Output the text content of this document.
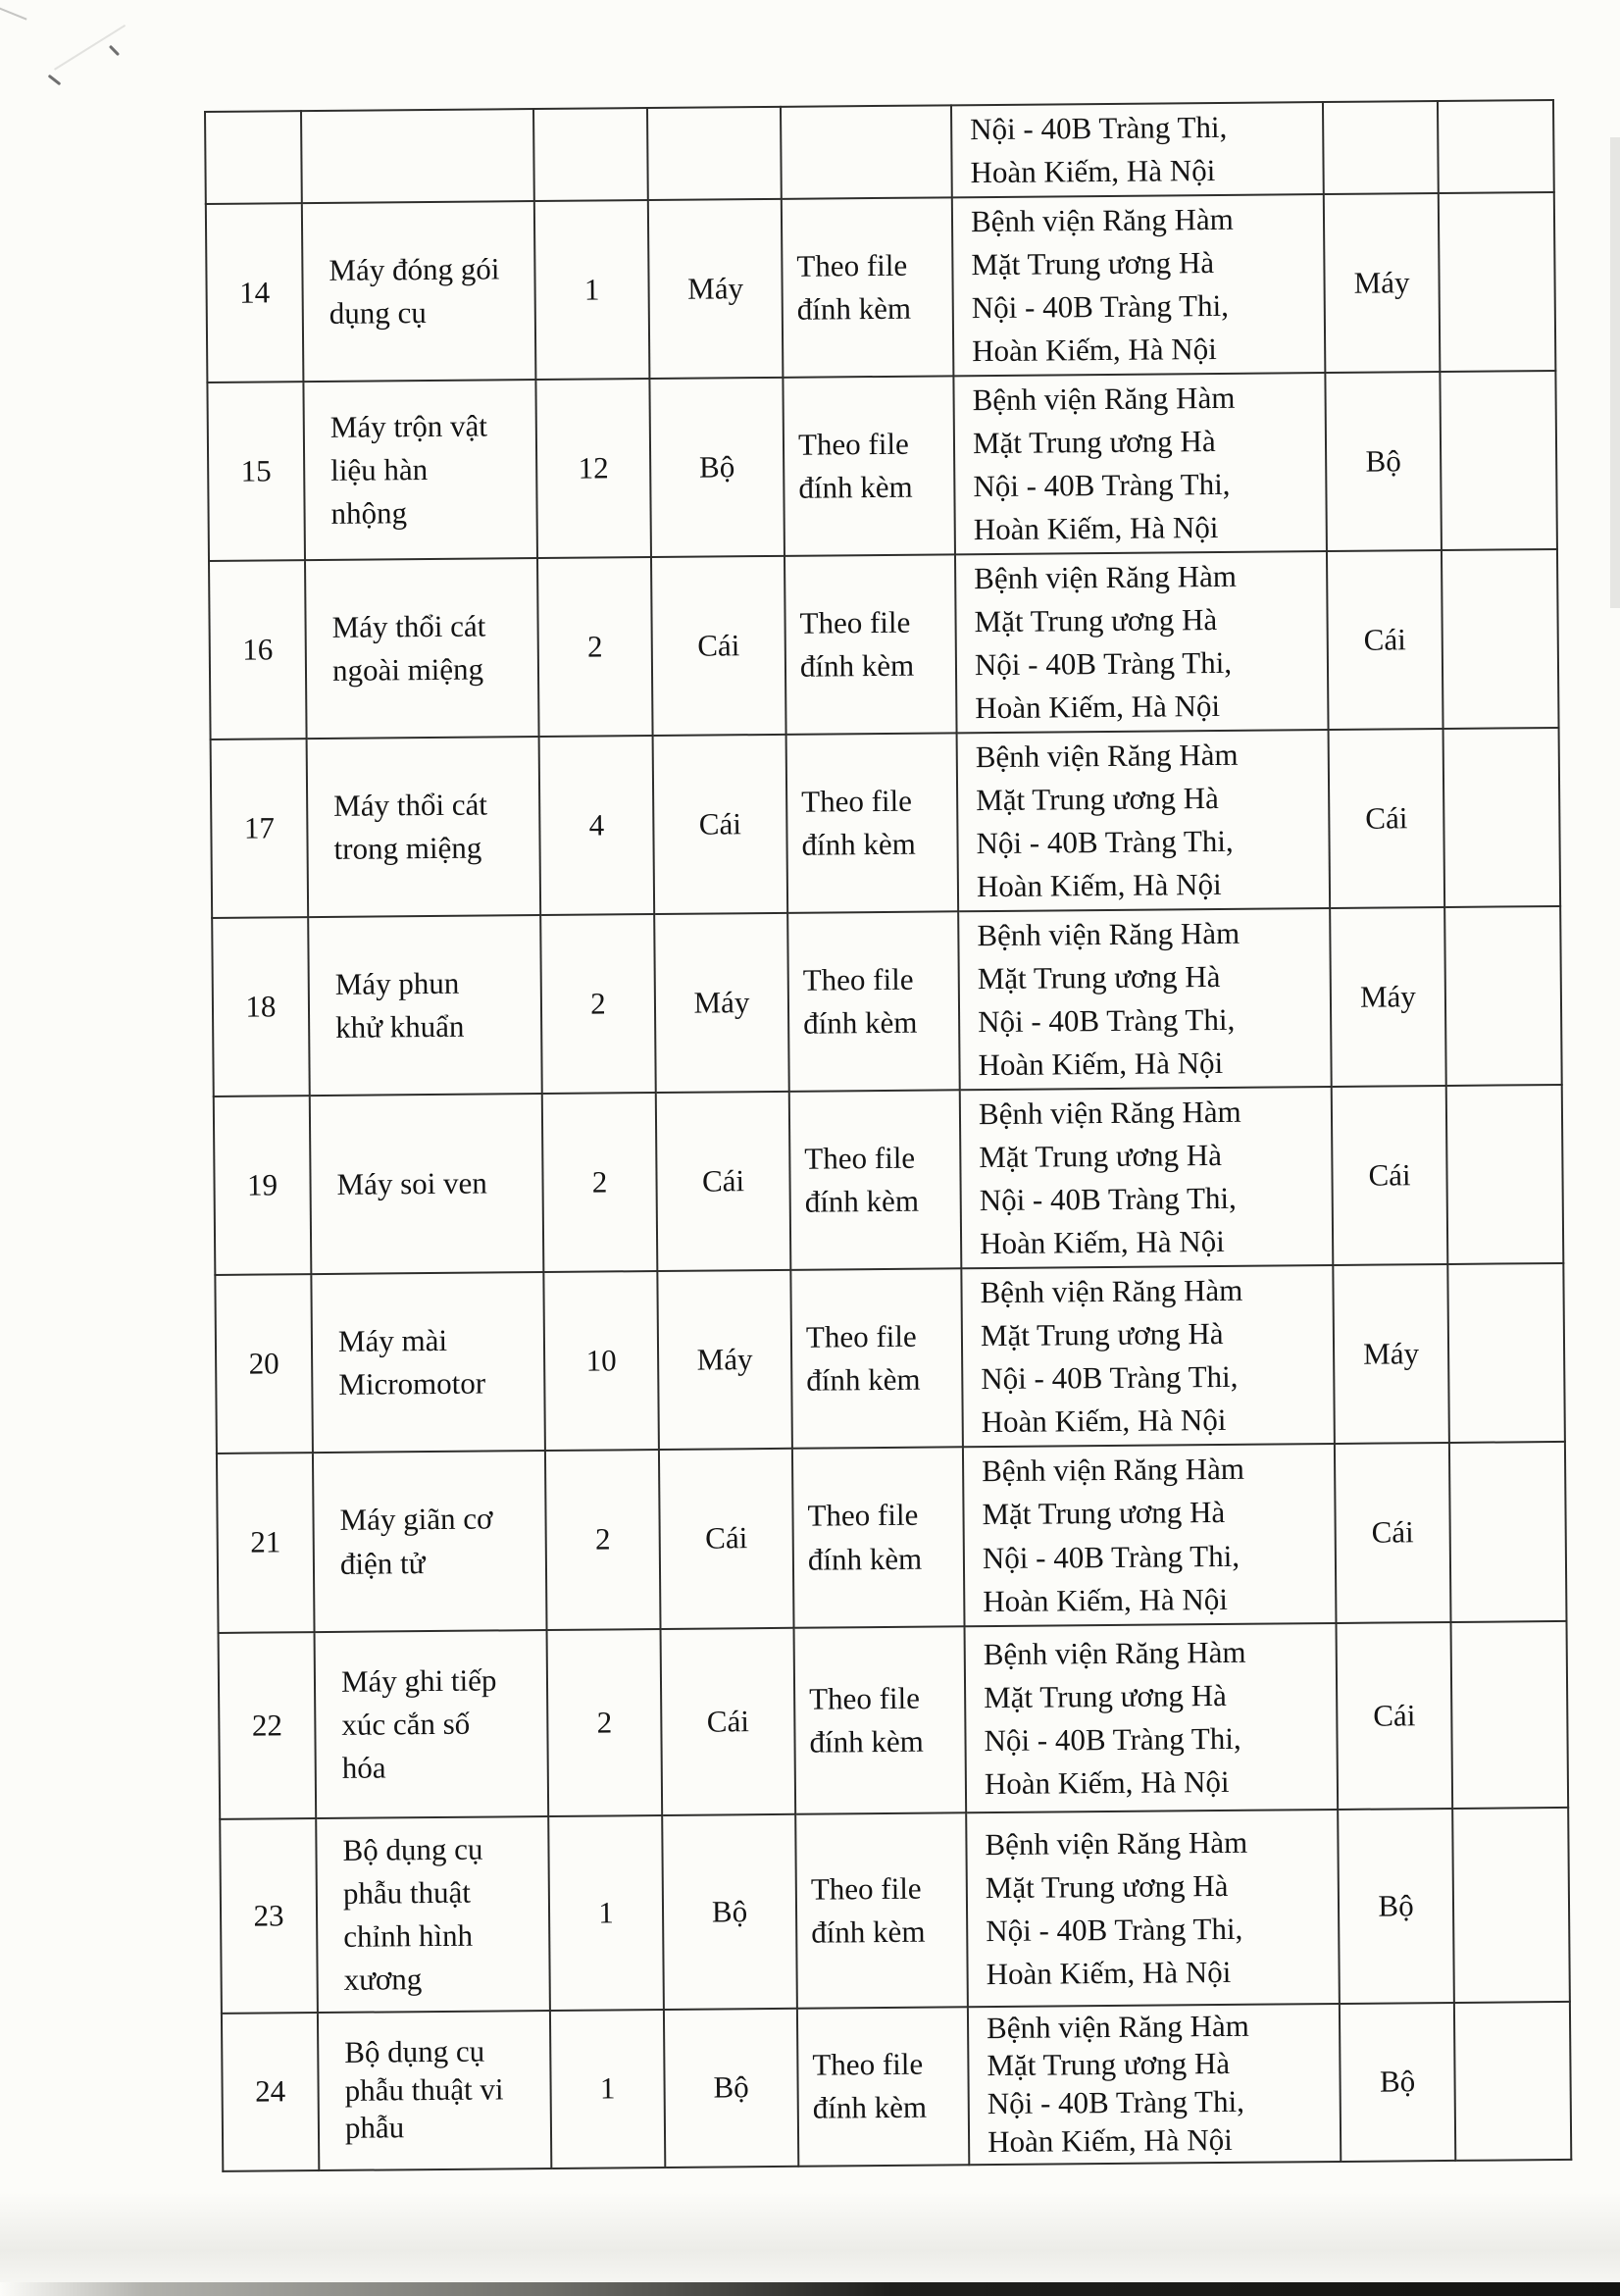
					Nội - 40B Tràng Thi,
Hoàn Kiếm, Hà Nội		
14	Máy đóng gói
dụng cụ	1	Máy	Theo file
đính kèm	Bệnh viện Răng Hàm
Mặt Trung ương Hà
Nội - 40B Tràng Thi,
Hoàn Kiếm, Hà Nội	Máy	
15	Máy trộn vật
liệu hàn
nhộng	12	Bộ	Theo file
đính kèm	Bệnh viện Răng Hàm
Mặt Trung ương Hà
Nội - 40B Tràng Thi,
Hoàn Kiếm, Hà Nội	Bộ	
16	Máy thổi cát
ngoài miệng	2	Cái	Theo file
đính kèm	Bệnh viện Răng Hàm
Mặt Trung ương Hà
Nội - 40B Tràng Thi,
Hoàn Kiếm, Hà Nội	Cái	
17	Máy thổi cát
trong miệng	4	Cái	Theo file
đính kèm	Bệnh viện Răng Hàm
Mặt Trung ương Hà
Nội - 40B Tràng Thi,
Hoàn Kiếm, Hà Nội	Cái	
18	Máy phun
khử khuẩn	2	Máy	Theo file
đính kèm	Bệnh viện Răng Hàm
Mặt Trung ương Hà
Nội - 40B Tràng Thi,
Hoàn Kiếm, Hà Nội	Máy	
19	Máy soi ven	2	Cái	Theo file
đính kèm	Bệnh viện Răng Hàm
Mặt Trung ương Hà
Nội - 40B Tràng Thi,
Hoàn Kiếm, Hà Nội	Cái	
20	Máy mài
Micromotor	10	Máy	Theo file
đính kèm	Bệnh viện Răng Hàm
Mặt Trung ương Hà
Nội - 40B Tràng Thi,
Hoàn Kiếm, Hà Nội	Máy	
21	Máy giãn cơ
điện tử	2	Cái	Theo file
đính kèm	Bệnh viện Răng Hàm
Mặt Trung ương Hà
Nội - 40B Tràng Thi,
Hoàn Kiếm, Hà Nội	Cái	
22	Máy ghi tiếp
xúc cắn số
hóa	2	Cái	Theo file
đính kèm	Bệnh viện Răng Hàm
Mặt Trung ương Hà
Nội - 40B Tràng Thi,
Hoàn Kiếm, Hà Nội	Cái	
23	Bộ dụng cụ
phẫu thuật
chỉnh hình
xương	1	Bộ	Theo file
đính kèm	Bệnh viện Răng Hàm
Mặt Trung ương Hà
Nội - 40B Tràng Thi,
Hoàn Kiếm, Hà Nội	Bộ	
24	Bộ dụng cụ
phẫu thuật vi
phẫu	1	Bộ	Theo file
đính kèm	Bệnh viện Răng Hàm
Mặt Trung ương Hà
Nội - 40B Tràng Thi,
Hoàn Kiếm, Hà Nội	Bộ	
